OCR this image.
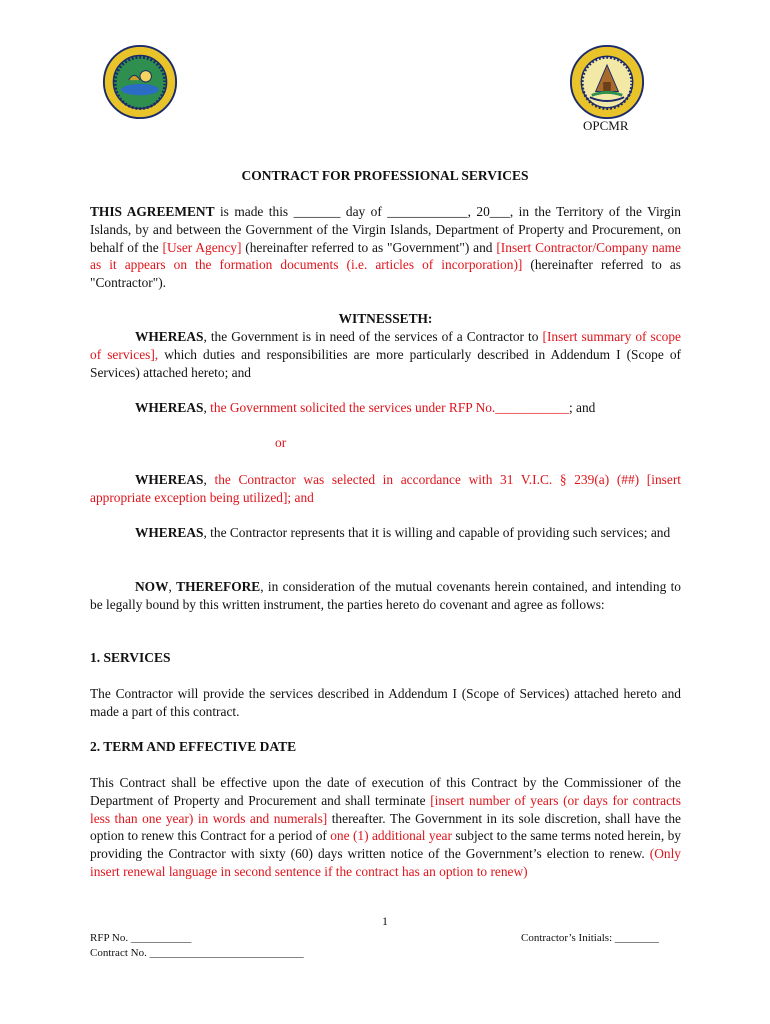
OPCMR
CONTRACT FOR PROFESSIONAL SERVICES

THIS AGREEMENT is made this _______ day of ____________, 20___, in the Territory of the Virgin Islands, by and between the Government of the Virgin Islands, Department of Property and Procurement, on behalf of the [User Agency] (hereinafter referred to as "Government") and [Insert Contractor/Company name as it appears on the formation documents (i.e. articles of incorporation)] (hereinafter referred to as "Contractor").

WITNESSETH:

WHEREAS, the Government is in need of the services of a Contractor to [Insert summary of scope of services], which duties and responsibilities are more particularly described in Addendum I (Scope of Services) attached hereto; and

WHEREAS, the Government solicited the services under RFP No.___________; and

or

WHEREAS, the Contractor was selected in accordance with 31 V.I.C. § 239(a) (##) [insert appropriate exception being utilized]; and

WHEREAS, the Contractor represents that it is willing and capable of providing such services; and

NOW, THEREFORE, in consideration of the mutual covenants herein contained, and intending to be legally bound by this written instrument, the parties hereto do covenant and agree as follows:

1. SERVICES

The Contractor will provide the services described in Addendum I (Scope of Services) attached hereto and made a part of this contract.

2. TERM AND EFFECTIVE DATE

This Contract shall be effective upon the date of execution of this Contract by the Commissioner of the Department of Property and Procurement and shall terminate [insert number of years (or days for contracts less than one year) in words and numerals] thereafter. The Government in its sole discretion, shall have the option to renew this Contract for a period of one (1) additional year subject to the same terms noted herein, by providing the Contractor with sixty (60) days written notice of the Government’s election to renew. (Only insert renewal language in second sentence if the contract has an option to renew)

1
RFP No. ___________
Contract No. ____________________________
Contractor’s Initials: ________
